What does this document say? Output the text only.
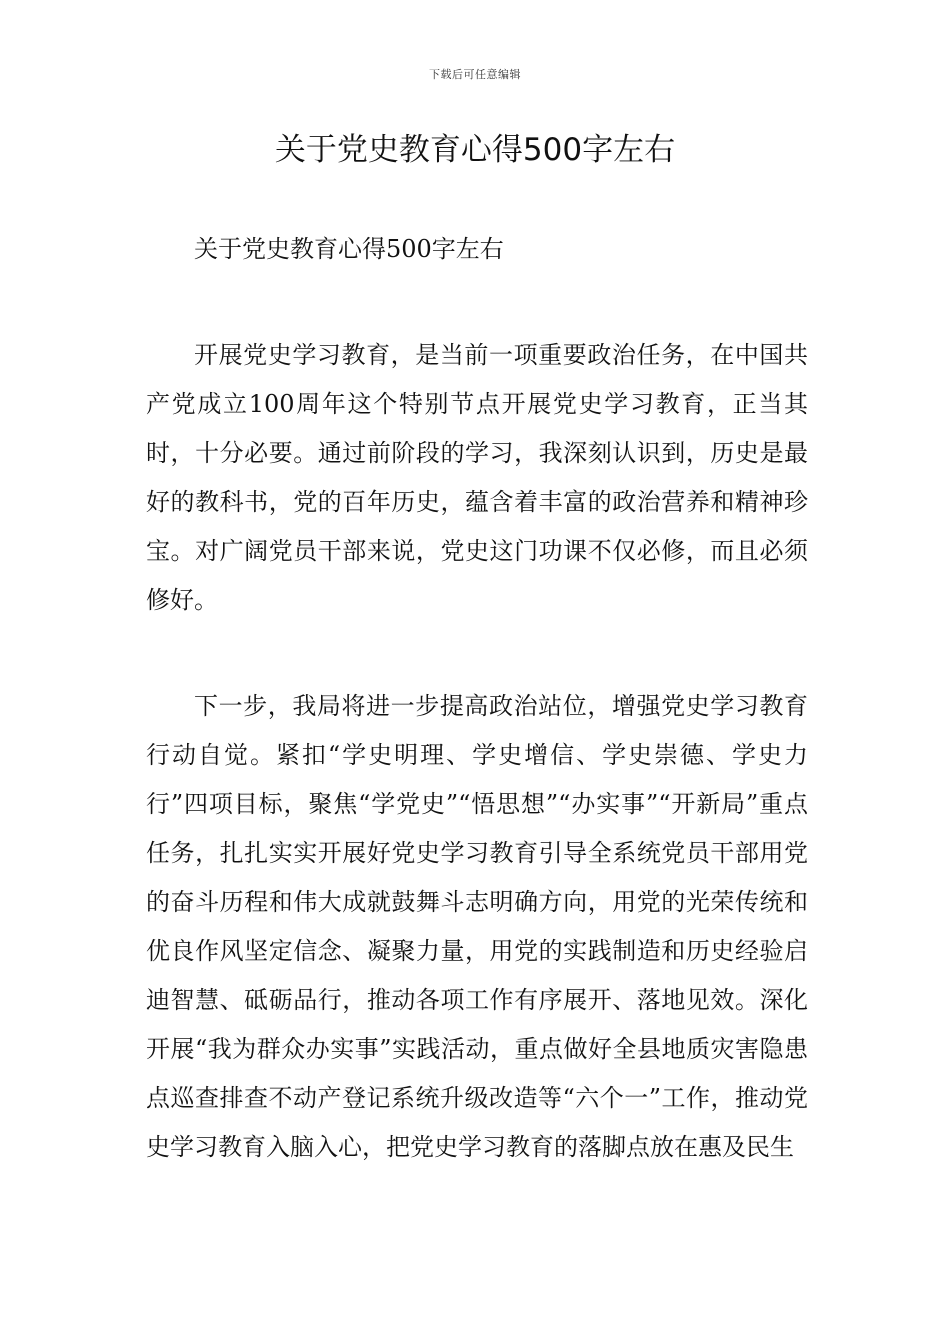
下载后可任意编辑
关于党史教育心得500字左右

关于党史教育心得500字左右

开展党史学习教育，是当前一项重要政治任务，在中国共产党成立100周年这个特别节点开展党史学习教育，正当其时，十分必要。通过前阶段的学习，我深刻认识到，历史是最好的教科书，党的百年历史，蕴含着丰富的政治营养和精神珍宝。对广阔党员干部来说，党史这门功课不仅必修，而且必须修好。

下一步，我局将进一步提高政治站位，增强党史学习教育行动自觉。紧扣“学史明理、学史增信、学史崇德、学史力行”四项目标，聚焦“学党史”“悟思想”“办实事”“开新局”重点任务，扎扎实实开展好党史学习教育引导全系统党员干部用党的奋斗历程和伟大成就鼓舞斗志明确方向，用党的光荣传统和优良作风坚定信念、凝聚力量，用党的实践制造和历史经验启迪智慧、砥砺品行，推动各项工作有序展开、落地见效。深化开展“我为群众办实事”实践活动，重点做好全县地质灾害隐患点巡查排查不动产登记系统升级改造等“六个一”工作，推动党史学习教育入脑入心，把党史学习教育的落脚点放在惠及民生
